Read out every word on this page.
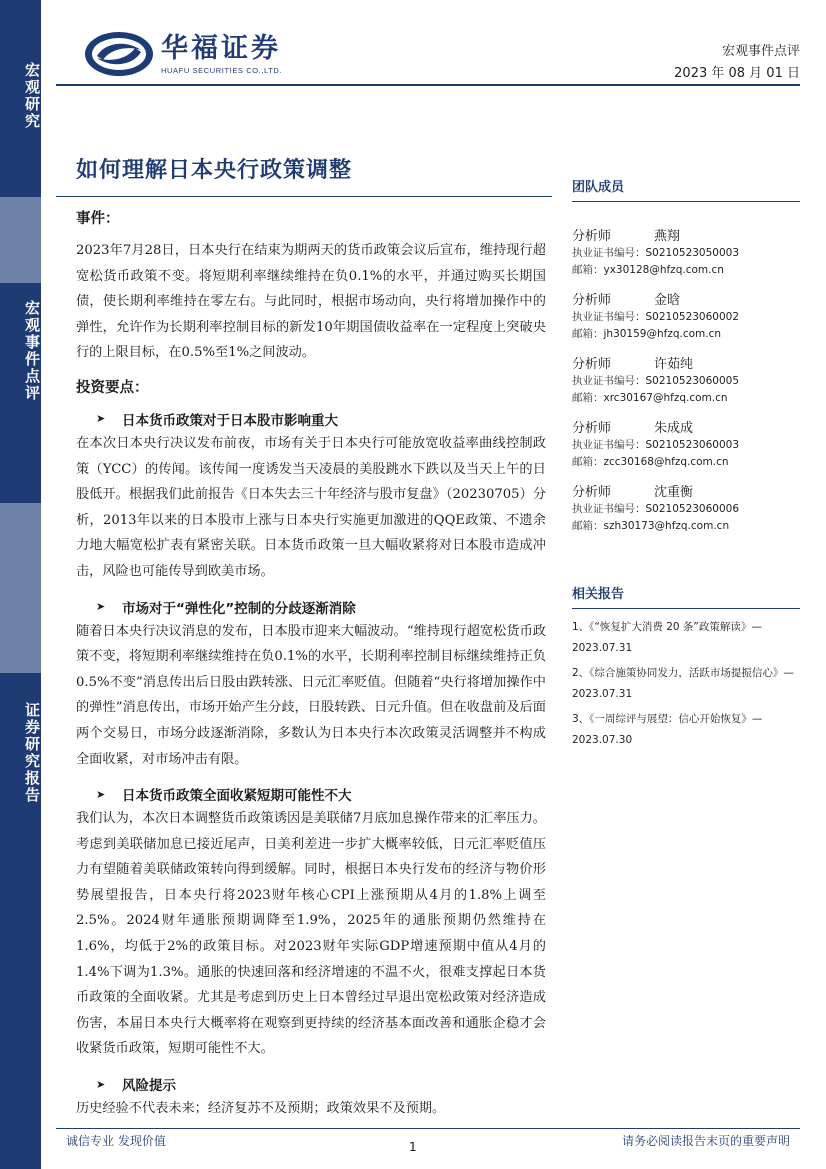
宏观研究
宏观事件点评
证券研究报告
华福证券
HUAFU SECURITIES CO.,LTD.
宏观事件点评
2023 年 08 月 01 日
如何理解日本央行政策调整
事件：
2023年7月28日，日本央行在结束为期两天的货币政策会议后宣布，维持现行超宽松货币政策不变。将短期利率继续维持在负0.1%的水平，并通过购买长期国债，使长期利率维持在零左右。与此同时，根据市场动向，央行将增加操作中的弹性，允许作为长期利率控制目标的新发10年期国债收益率在一定程度上突破央行的上限目标，在0.5%至1%之间波动。
投资要点：
➤	日本货币政策对于日本股市影响重大
在本次日本央行决议发布前夜，市场有关于日本央行可能放宽收益率曲线控制政策（YCC）的传闻。该传闻一度诱发当天凌晨的美股跳水下跌以及当天上午的日股低开。根据我们此前报告《日本失去三十年经济与股市复盘》（20230705）分析，2013年以来的日本股市上涨与日本央行实施更加激进的QQE政策、不遗余力地大幅宽松扩表有紧密关联。日本货币政策一旦大幅收紧将对日本股市造成冲击，风险也可能传导到欧美市场。
➤	市场对于“弹性化”控制的分歧逐渐消除
随着日本央行决议消息的发布，日本股市迎来大幅波动。“维持现行超宽松货币政策不变，将短期利率继续维持在负0.1%的水平，长期利率控制目标继续维持正负0.5%不变”消息传出后日股由跌转涨、日元汇率贬值。但随着“央行将增加操作中的弹性”消息传出，市场开始产生分歧，日股转跌、日元升值。但在收盘前及后面两个交易日，市场分歧逐渐消除，多数认为日本央行本次政策灵活调整并不构成全面收紧，对市场冲击有限。
➤	日本货币政策全面收紧短期可能性不大
我们认为，本次日本调整货币政策诱因是美联储7月底加息操作带来的汇率压力。考虑到美联储加息已接近尾声，日美利差进一步扩大概率较低，日元汇率贬值压力有望随着美联储政策转向得到缓解。同时，根据日本央行发布的经济与物价形势展望报告，日本央行将2023财年核心CPI上涨预期从4月的1.8%上调至2.5%。2024财年通胀预期调降至1.9%，2025年的通胀预期仍然维持在1.6%，均低于2%的政策目标。对2023财年实际GDP增速预期中值从4月的1.4%下调为1.3%。通胀的快速回落和经济增速的不温不火，很难支撑起日本货币政策的全面收紧。尤其是考虑到历史上日本曾经过早退出宽松政策对经济造成伤害，本届日本央行大概率将在观察到更持续的经济基本面改善和通胀企稳才会收紧货币政策，短期可能性不大。
➤	风险提示
历史经验不代表未来；经济复苏不及预期；政策效果不及预期。
团队成员
分析师	燕翔
执业证书编号： S0210523050003
邮箱： yx30128@hfzq.com.cn
分析师	金晗
执业证书编号： S0210523060002
邮箱： jh30159@hfzq.com.cn
分析师	许茹纯
执业证书编号： S0210523060005
邮箱： xrc30167@hfzq.com.cn
分析师	朱成成
执业证书编号： S0210523060003
邮箱： zcc30168@hfzq.com.cn
分析师	沈重衡
执业证书编号： S0210523060006
邮箱： szh30173@hfzq.com.cn
相关报告
1、《“恢复扩大消费 20 条”政策解读》—
2023.07.31
2、《综合施策协同发力，活跃市场提振信心》—
2023.07.31
3、《一周综评与展望：信心开始恢复》—
2023.07.30
诚信专业 发现价值	1	请务必阅读报告末页的重要声明
